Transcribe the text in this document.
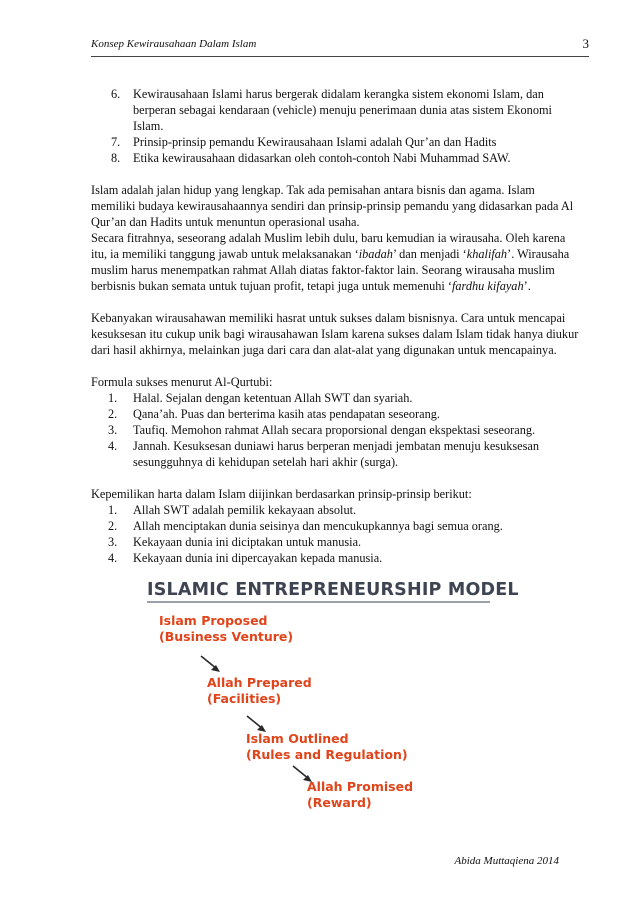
Konsep Kewirausahaan Dalam Islam	3
6. Kewirausahaan Islami harus bergerak didalam kerangka sistem ekonomi Islam, dan berperan sebagai kendaraan (vehicle) menuju penerimaan dunia atas sistem Ekonomi Islam.
7. Prinsip-prinsip pemandu Kewirausahaan Islami adalah Qur’an dan Hadits
8. Etika kewirausahaan didasarkan oleh contoh-contoh Nabi Muhammad SAW.

Islam adalah jalan hidup yang lengkap. Tak ada pemisahan antara bisnis dan agama. Islam memiliki budaya kewirausahaannya sendiri dan prinsip-prinsip pemandu yang didasarkan pada Al Qur’an dan Hadits untuk menuntun operasional usaha.

Secara fitrahnya, seseorang adalah Muslim lebih dulu, baru kemudian ia wirausaha. Oleh karena itu, ia memiliki tanggung jawab untuk melaksanakan ‘ibadah’ dan menjadi ‘khalifah’. Wirausaha muslim harus menempatkan rahmat Allah diatas faktor-faktor lain. Seorang wirausaha muslim berbisnis bukan semata untuk tujuan profit, tetapi juga untuk memenuhi ‘fardhu kifayah’.

Kebanyakan wirausahawan memiliki hasrat untuk sukses dalam bisnisnya. Cara untuk mencapai kesuksesan itu cukup unik bagi wirausahawan Islam karena sukses dalam Islam tidak hanya diukur dari hasil akhirnya, melainkan juga dari cara dan alat-alat yang digunakan untuk mencapainya.

Formula sukses menurut Al-Qurtubi:

1. Halal. Sejalan dengan ketentuan Allah SWT dan syariah.
2. Qana’ah. Puas dan berterima kasih atas pendapatan seseorang.
3. Taufiq. Memohon rahmat Allah secara proporsional dengan ekspektasi seseorang.
4. Jannah. Kesuksesan duniawi harus berperan menjadi jembatan menuju kesuksesan sesungguhnya di kehidupan setelah hari akhir (surga).

Kepemilikan harta dalam Islam diijinkan berdasarkan prinsip-prinsip berikut:

1. Allah SWT adalah pemilik kekayaan absolut.
2. Allah menciptakan dunia seisinya dan mencukupkannya bagi semua orang.
3. Kekayaan dunia ini diciptakan untuk manusia.
4. Kekayaan dunia ini dipercayakan kepada manusia.
ISLAMIC ENTREPRENEURSHIP MODEL
Islam Proposed
(Business Venture)
Allah Prepared
(Facilities)
Islam Outlined
(Rules and Regulation)
Allah Promised
(Reward)
Abida Muttaqiena 2014
